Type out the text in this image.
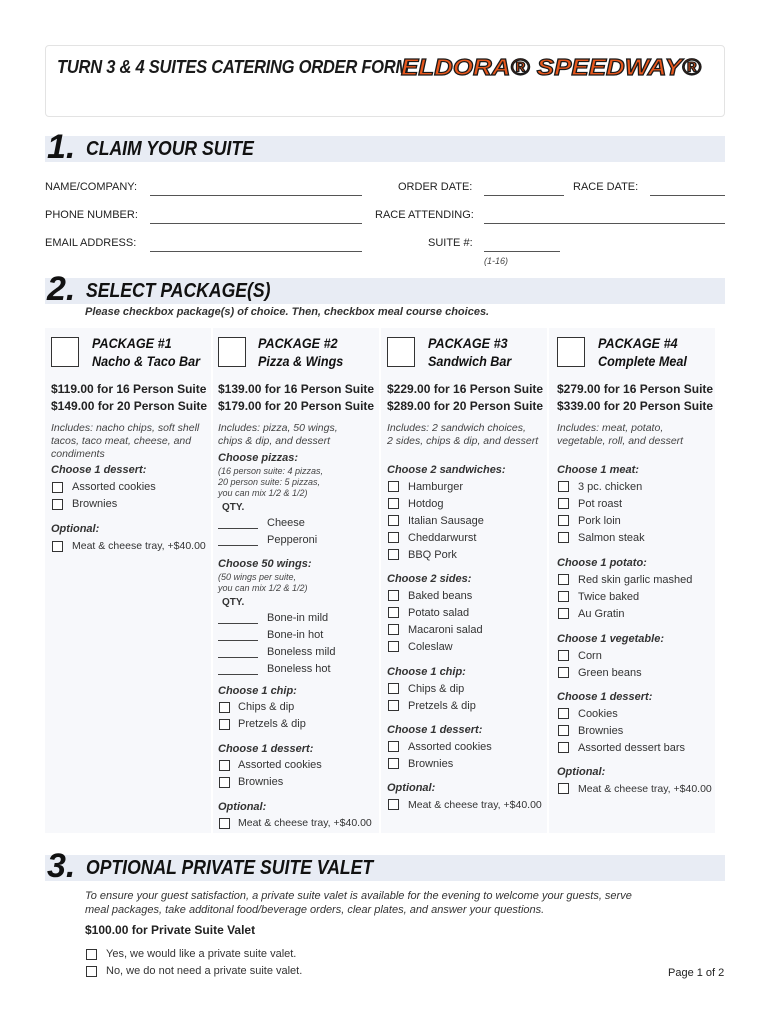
TURN 3 & 4 SUITES CATERING ORDER FORM
ELDORA® SPEEDWAY®
1. CLAIM YOUR SUITE
NAME/COMPANY:	ORDER DATE:	RACE DATE:
PHONE NUMBER:	RACE ATTENDING:
EMAIL ADDRESS:	SUITE #:
(1-16)
2. SELECT PACKAGE(S)
Please checkbox package(s) of choice. Then, checkbox meal course choices.
PACKAGE #1
Nacho & Taco Bar
$119.00 for 16 Person Suite
$149.00 for 20 Person Suite
Includes: nacho chips, soft shell
tacos, taco meat, cheese, and
condiments
Choose 1 dessert:
Assorted cookies
Brownies
Optional:
Meat & cheese tray, +$40.00
PACKAGE #2
Pizza & Wings
$139.00 for 16 Person Suite
$179.00 for 20 Person Suite
Includes: pizza, 50 wings,
chips & dip, and dessert
Choose pizzas:
(16 person suite: 4 pizzas,
20 person suite: 5 pizzas,
you can mix 1/2 & 1/2)
QTY.
Cheese
Pepperoni
Choose 50 wings:
(50 wings per suite,
you can mix 1/2 & 1/2)
QTY.
Bone-in mild
Bone-in hot
Boneless mild
Boneless hot
Choose 1 chip:
Chips & dip
Pretzels & dip
Choose 1 dessert:
Assorted cookies
Brownies
Optional:
Meat & cheese tray, +$40.00
PACKAGE #3
Sandwich Bar
$229.00 for 16 Person Suite
$289.00 for 20 Person Suite
Includes: 2 sandwich choices,
2 sides, chips & dip, and dessert
Choose 2 sandwiches:
Hamburger
Hotdog
Italian Sausage
Cheddarwurst
BBQ Pork
Choose 2 sides:
Baked beans
Potato salad
Macaroni salad
Coleslaw
Choose 1 chip:
Chips & dip
Pretzels & dip
Choose 1 dessert:
Assorted cookies
Brownies
Optional:
Meat & cheese tray, +$40.00
PACKAGE #4
Complete Meal
$279.00 for 16 Person Suite
$339.00 for 20 Person Suite
Includes: meat, potato,
vegetable, roll, and dessert
Choose 1 meat:
3 pc. chicken
Pot roast
Pork loin
Salmon steak
Choose 1 potato:
Red skin garlic mashed
Twice baked
Au Gratin
Choose 1 vegetable:
Corn
Green beans
Choose 1 dessert:
Cookies
Brownies
Assorted dessert bars
Optional:
Meat & cheese tray, +$40.00
3. OPTIONAL PRIVATE SUITE VALET
To ensure your guest satisfaction, a private suite valet is available for the evening to welcome your guests, serve meal packages, take additonal food/beverage orders, clear plates, and answer your questions.
$100.00 for Private Suite Valet
Yes, we would like a private suite valet.
No, we do not need a private suite valet.	Page 1 of 2
